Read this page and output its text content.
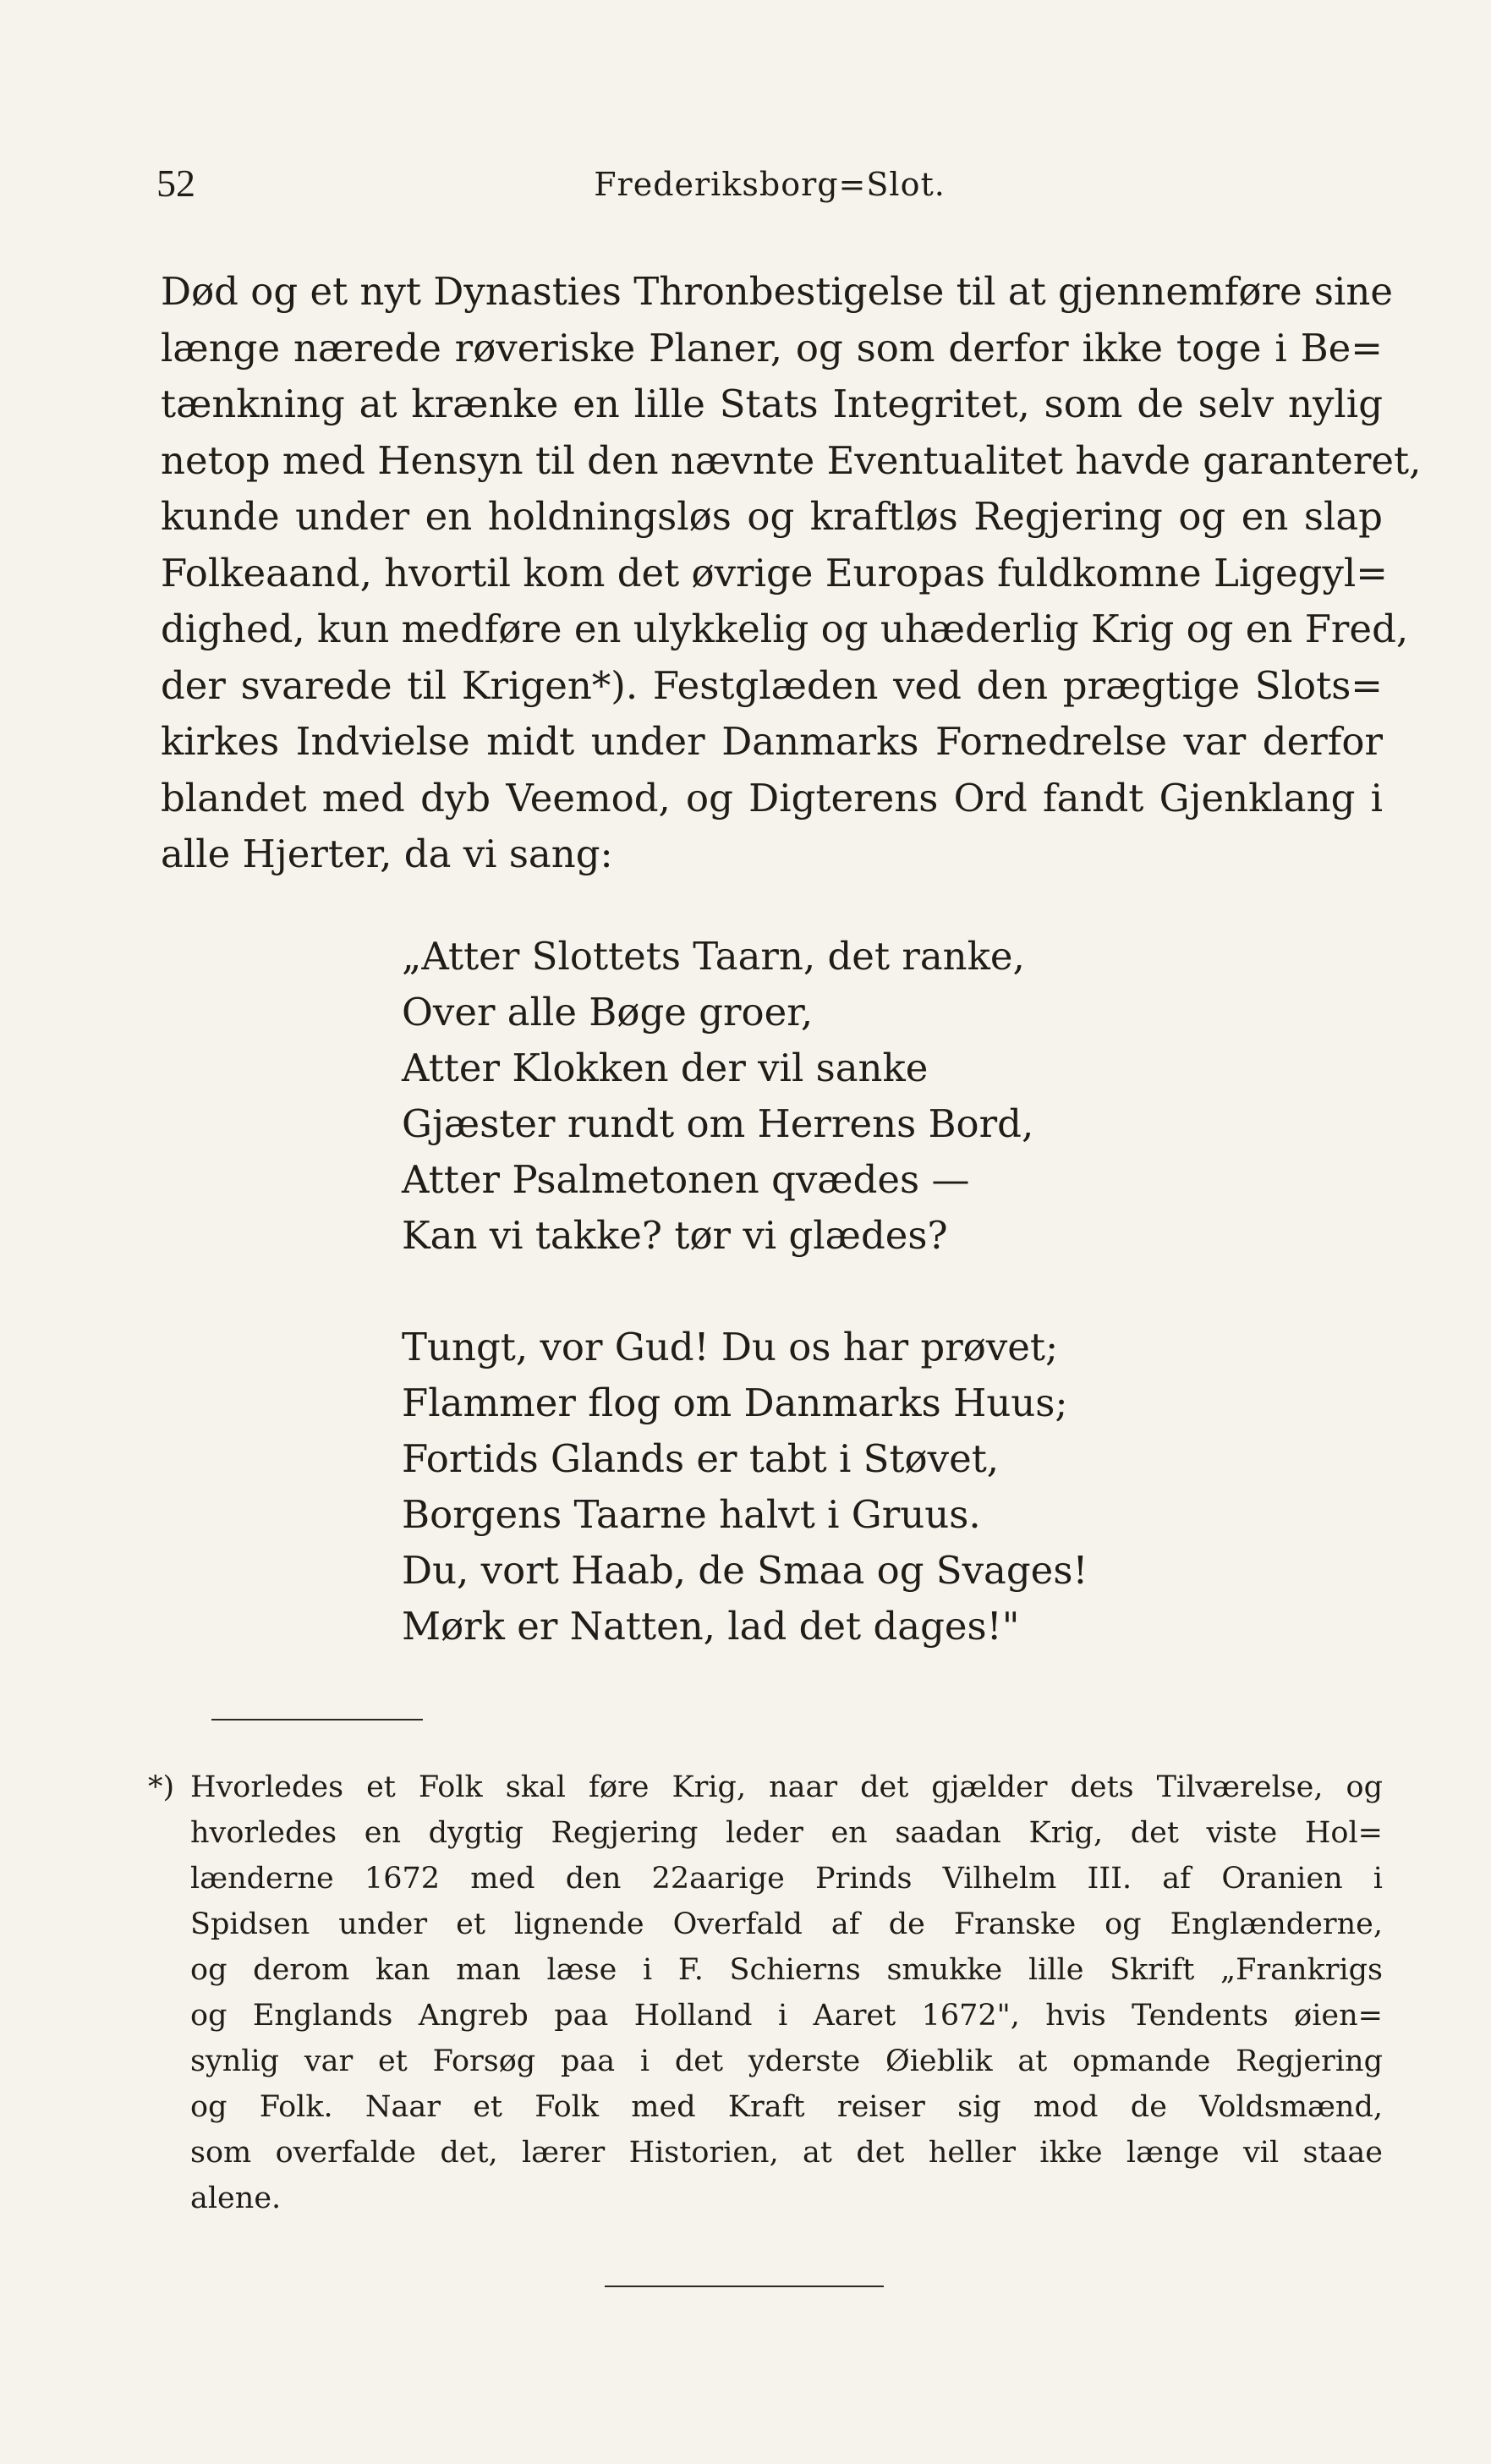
52	Frederiksborg=Slot.
Død og et nyt Dynasties Thronbestigelse til at gjennemføre sine
længe nærede røveriske Planer, og som derfor ikke toge i Be=
tænkning at krænke en lille Stats Integritet, som de selv nylig
netop med Hensyn til den nævnte Eventualitet havde garanteret,
kunde under en holdningsløs og kraftløs Regjering og en slap
Folkeaand, hvortil kom det øvrige Europas fuldkomne Ligegyl=
dighed, kun medføre en ulykkelig og uhæderlig Krig og en Fred,
der svarede til Krigen*). Festglæden ved den prægtige Slots=
kirkes Indvielse midt under Danmarks Fornedrelse var derfor
blandet med dyb Veemod, og Digterens Ord fandt Gjenklang i
alle Hjerter, da vi sang:
„Atter Slottets Taarn, det ranke,
Over alle Bøge groer,
Atter Klokken der vil sanke
Gjæster rundt om Herrens Bord,
Atter Psalmetonen qvædes —
Kan vi takke? tør vi glædes?
Tungt, vor Gud! Du os har prøvet;
Flammer flog om Danmarks Huus;
Fortids Glands er tabt i Støvet,
Borgens Taarne halvt i Gruus.
Du, vort Haab, de Smaa og Svages!
Mørk er Natten, lad det dages!"
*) Hvorledes et Folk skal føre Krig, naar det gjælder dets Tilværelse, og
hvorledes en dygtig Regjering leder en saadan Krig, det viste Hol=
lænderne 1672 med den 22aarige Prinds Vilhelm III. af Oranien i
Spidsen under et lignende Overfald af de Franske og Englænderne,
og derom kan man læse i F. Schierns smukke lille Skrift „Frankrigs
og Englands Angreb paa Holland i Aaret 1672", hvis Tendents øien=
synlig var et Forsøg paa i det yderste Øieblik at opmande Regjering
og Folk. Naar et Folk med Kraft reiser sig mod de Voldsmænd,
som overfalde det, lærer Historien, at det heller ikke længe vil staae
alene.
